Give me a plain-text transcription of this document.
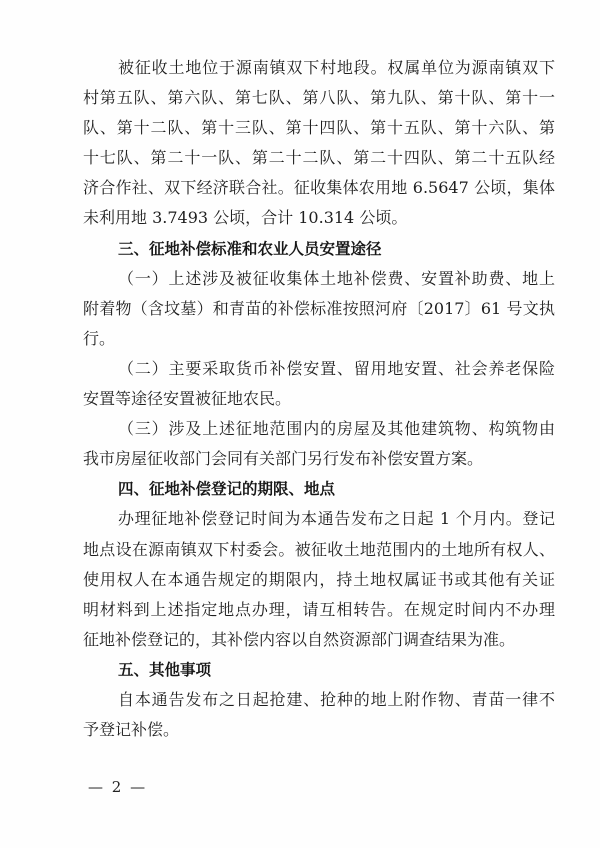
被征收土地位于源南镇双下村地段。权属单位为源南镇双下
村第五队、第六队、第七队、第八队、第九队、第十队、第十一
队、第十二队、第十三队、第十四队、第十五队、第十六队、第
十七队、第二十一队、第二十二队、第二十四队、第二十五队经
济合作社、双下经济联合社。征收集体农用地 6.5647 公顷，集体
未利用地 3.7493 公顷，合计 10.314 公顷。
三、征地补偿标准和农业人员安置途径
（一）上述涉及被征收集体土地补偿费、安置补助费、地上
附着物（含坟墓）和青苗的补偿标准按照河府〔2017〕61 号文执
行。
（二）主要采取货币补偿安置、留用地安置、社会养老保险
安置等途径安置被征地农民。
（三）涉及上述征地范围内的房屋及其他建筑物、构筑物由
我市房屋征收部门会同有关部门另行发布补偿安置方案。
四、征地补偿登记的期限、地点
办理征地补偿登记时间为本通告发布之日起 1 个月内。登记
地点设在源南镇双下村委会。被征收土地范围内的土地所有权人、
使用权人在本通告规定的期限内，持土地权属证书或其他有关证
明材料到上述指定地点办理，请互相转告。在规定时间内不办理
征地补偿登记的，其补偿内容以自然资源部门调查结果为准。
五、其他事项
自本通告发布之日起抢建、抢种的地上附作物、青苗一律不
予登记补偿。
— 2 —
